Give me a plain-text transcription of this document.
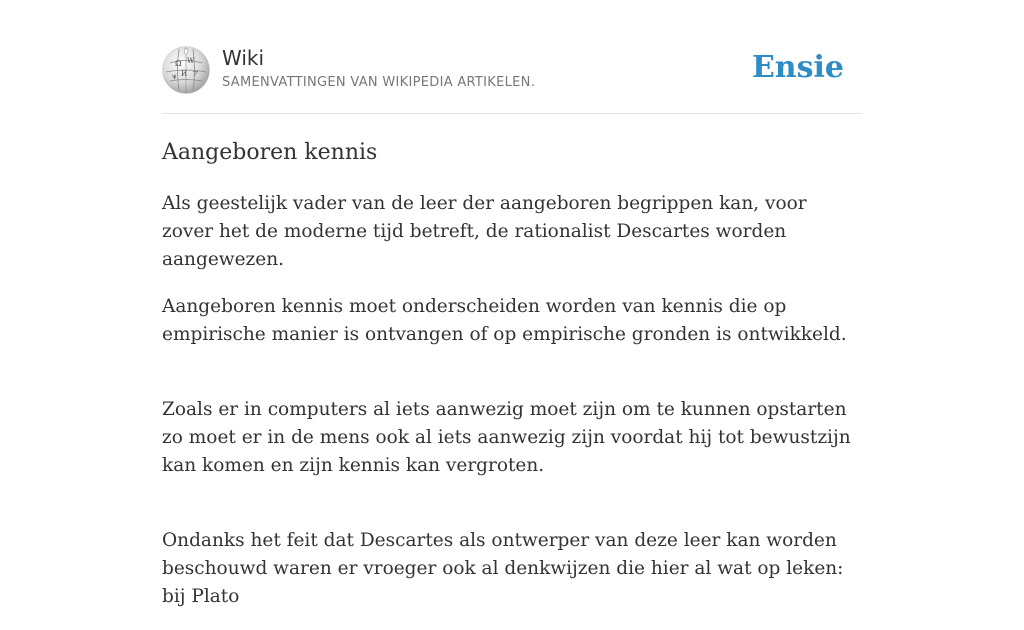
Ω W
И ア
ψ
Wiki
SAMENVATTINGEN VAN WIKIPEDIA ARTIKELEN.	Ensie
Aangeboren kennis

Als geestelijk vader van de leer der aangeboren begrippen kan, voor zover het de moderne tijd betreft, de rationalist Descartes worden aangewezen.

Aangeboren kennis moet onderscheiden worden van kennis die op empirische manier is ontvangen of op empirische gronden is ontwikkeld.

Zoals er in computers al iets aanwezig moet zijn om te kunnen opstarten zo moet er in de mens ook al iets aanwezig zijn voordat hij tot bewustzijn kan komen en zijn kennis kan vergroten.

Ondanks het feit dat Descartes als ontwerper van deze leer kan worden beschouwd waren er vroeger ook al denkwijzen die hier al wat op leken: bij Plato
